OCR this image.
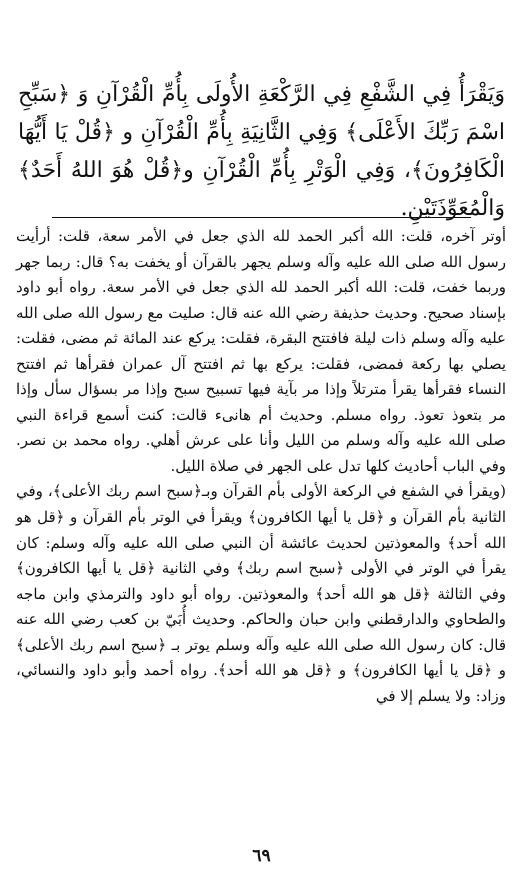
وَيَقْرَأُ فِي الشَّفْعِ فِي الرَّكْعَةِ الأُولَى بِأُمِّ الْقُرْآنِ وَ ﴿سَبِّحِ اسْمَ رَبِّكَ الأَعْلَى﴾ وَفِي الثَّانِيَةِ بِأُمِّ الْقُرْآنِ و ﴿قُلْ يَا أَيُّهَا الْكَافِرُونَ﴾، وَفِي الْوَتْرِ بِأُمِّ الْقُرْآنِ و﴿قُلْ هُوَ اللهُ أَحَدٌ﴾ وَالْمُعَوِّذَتَيْنِ.

أوتر آخره، قلت: الله أكبر الحمد لله الذي جعل في الأمر سعة، قلت: أرأيت رسول الله صلى الله عليه وآله وسلم يجهر بالقرآن أو يخفت به؟ قال: ربما جهر وربما خفت، قلت: الله أكبر الحمد لله الذي جعل في الأمر سعة. رواه أبو داود بإسناد صحيح. وحديث حذيفة رضي الله عنه قال: صليت مع رسول الله صلى الله عليه وآله وسلم ذات ليلة فافتتح البقرة، فقلت: يركع عند المائة ثم مضى، فقلت: يصلي بها ركعة فمضى، فقلت: يركع بها ثم افتتح آل عمران فقرأها ثم افتتح النساء فقرأها يقرأ مترتلاً وإذا مر بآية فيها تسبيح سبح وإذا مر بسؤال سأل وإذا مر بتعوذ تعوذ. رواه مسلم. وحديث أم هانىء قالت: كنت أسمع قراءة النبي صلى الله عليه وآله وسلم من الليل وأنا على عرش أهلي. رواه محمد بن نصر. وفي الباب أحاديث كلها تدل على الجهر في صلاة الليل.

(ويقرأ في الشفع في الركعة الأولى بأم القرآن وبـ﴿سبح اسم ربك الأعلى﴾، وفي الثانية بأم القرآن و ﴿قل يا أيها الكافرون﴾ ويقرأ في الوتر بأم القرآن و ﴿قل هو الله أحد﴾ والمعوذتين لحديث عائشة أن النبي صلى الله عليه وآله وسلم: كان يقرأ في الوتر في الأولى ﴿سبح اسم ربك﴾ وفي الثانية ﴿قل يا أيها الكافرون﴾ وفي الثالثة ﴿قل هو الله أحد﴾ والمعوذتين. رواه أبو داود والترمذي وابن ماجه والطحاوي والدارقطني وابن حبان والحاكم. وحديث أُبَيّ بن كعب رضي الله عنه قال: كان رسول الله صلى الله عليه وآله وسلم يوتر بـ ﴿سبح اسم ربك الأعلى﴾ و ﴿قل يا أيها الكافرون﴾ و ﴿قل هو الله أحد﴾. رواه أحمد وأبو داود والنسائي، وزاد: ولا يسلم إلا في

٦٩
